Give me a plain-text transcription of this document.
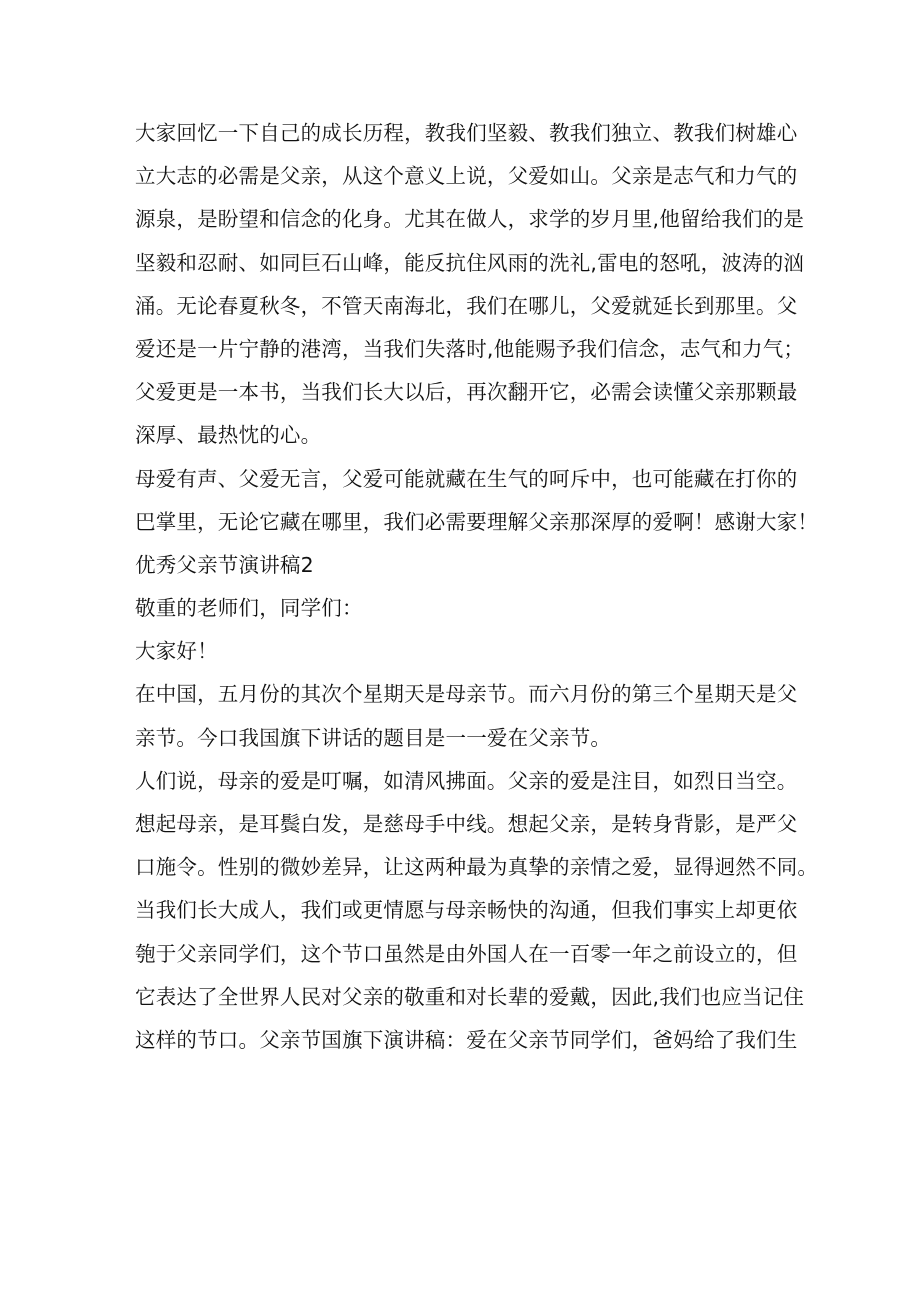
大家回忆一下自己的成长历程，教我们坚毅、教我们独立、教我们树雄心
立大志的必需是父亲，从这个意义上说，父爱如山。父亲是志气和力气的
源泉，是盼望和信念的化身。尤其在做人，求学的岁月里,他留给我们的是
坚毅和忍耐、如同巨石山峰，能反抗住风雨的洗礼,雷电的怒吼，波涛的汹
涌。无论春夏秋冬，不管天南海北，我们在哪儿，父爱就延长到那里。父
爱还是一片宁静的港湾，当我们失落时,他能赐予我们信念，志气和力气；
父爱更是一本书，当我们长大以后，再次翻开它，必需会读懂父亲那颗最
深厚、最热忱的心。
母爱有声、父爱无言，父爱可能就藏在生气的呵斥中，也可能藏在打你的
巴掌里，无论它藏在哪里，我们必需要理解父亲那深厚的爱啊！感谢大家！
优秀父亲节演讲稿2
敬重的老师们，同学们：
大家好！
在中国，五月份的其次个星期天是母亲节。而六月份的第三个星期天是父
亲节。今口我国旗下讲话的题目是一一爱在父亲节。
人们说，母亲的爱是叮嘱，如清风拂面。父亲的爱是注目，如烈日当空。
想起母亲，是耳鬓白发，是慈母手中线。想起父亲，是转身背影，是严父
口施令。性别的微妙差异，让这两种最为真挚的亲情之爱，显得迥然不同。
当我们长大成人，我们或更情愿与母亲畅快的沟通，但我们事实上却更依
匏于父亲同学们，这个节口虽然是由外国人在一百零一年之前设立的，但
它表达了全世界人民对父亲的敬重和对长辈的爱戴，因此,我们也应当记住
这样的节口。父亲节国旗下演讲稿：爱在父亲节同学们，爸妈给了我们生
